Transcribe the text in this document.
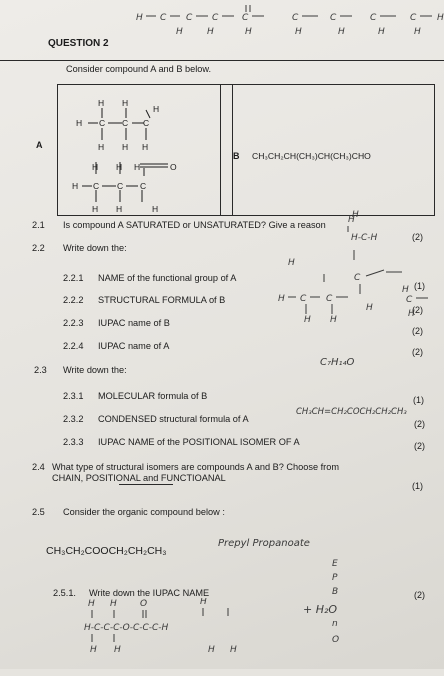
H C C C	C	C	C	C	C H
H	H	H	H	H	H	H
QUESTION 2
Consider compound A and B below.
A
B CH₃CH₂CH(CH₃)CH(CH₃)CHO
H H
H
H C C C
H H H
H H H	O
H C C C
H H	H
2.1 Is compound A SATURATED or UNSATURATED? Give a reason
(2)
2.2 Write down the:
2.2.1 NAME of the functional group of A
(1)
2.2.2 STRUCTURAL FORMULA of B
(2)
2.2.3 IUPAC name of B
(2)
2.2.4 IUPAC name of A
(2)
H
H-C-H
H
H C C
C
H
C
H H
H
H
2.3 Write down the:
C₇H₁₄O
2.3.1 MOLECULAR formula of B	(1)
2.3.2 CONDENSED structural formula of A
CH₃CH=CH₂COCH₂CH₂CH₃
(2)
2.3.3 IUPAC NAME of the POSITIONAL ISOMER OF A	(2)
2.4 What type of structural isomers are compounds A and B? Choose from
CHAIN, POSITIONAL and FUNCTIOANAL
(1)
2.5 Consider the organic compound below :
CH₃CH₂COOCH₂CH₂CH₃
Prepyl Propanoate
E
P
B
n
O
2.5.1. Write down the IUPAC NAME	(2)
H H	O	H
H-C-C-C-O-C-C-C-H
H H	H H
+ H₂O
H
